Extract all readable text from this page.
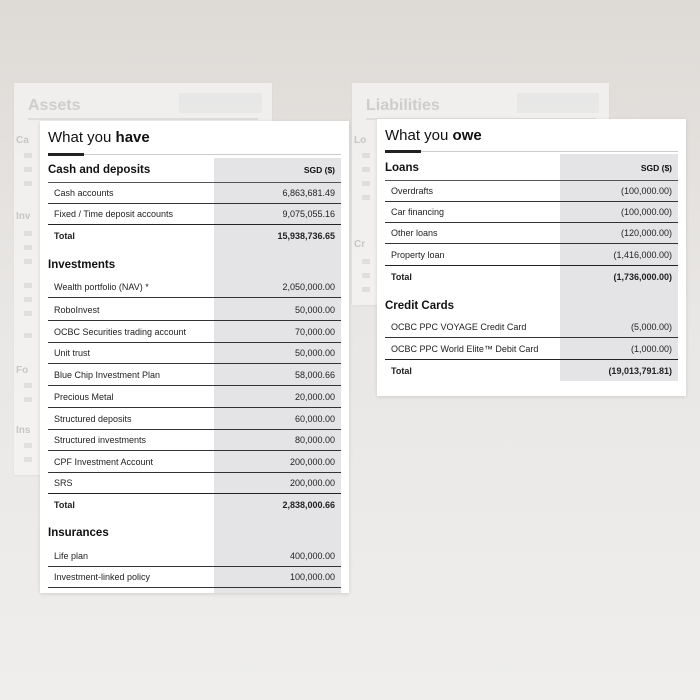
Assets
Ca
Inv
Fo
Ins
Liabilities
Lo
Cr
What you have
Cash and deposits	SGD ($)
Cash accounts	6,863,681.49
Fixed / Time deposit accounts	9,075,055.16
Total	15,938,736.65
Investments
Wealth portfolio (NAV) *	2,050,000.00
RoboInvest	50,000.00
OCBC Securities trading account	70,000.00
Unit trust	50,000.00
Blue Chip Investment Plan	58,000.66
Precious Metal	20,000.00
Structured deposits	60,000.00
Structured investments	80,000.00
CPF Investment Account	200,000.00
SRS	200,000.00
Total	2,838,000.66
Insurances
Life plan	400,000.00
Investment-linked policy	100,000.00
What you owe
Loans	SGD ($)
Overdrafts	(100,000.00)
Car financing	(100,000.00)
Other loans	(120,000.00)
Property loan	(1,416,000.00)
Total	(1,736,000.00)
Credit Cards
OCBC PPC VOYAGE Credit Card	(5,000.00)
OCBC PPC World Elite™ Debit Card	(1,000.00)
Total	(19,013,791.81)
